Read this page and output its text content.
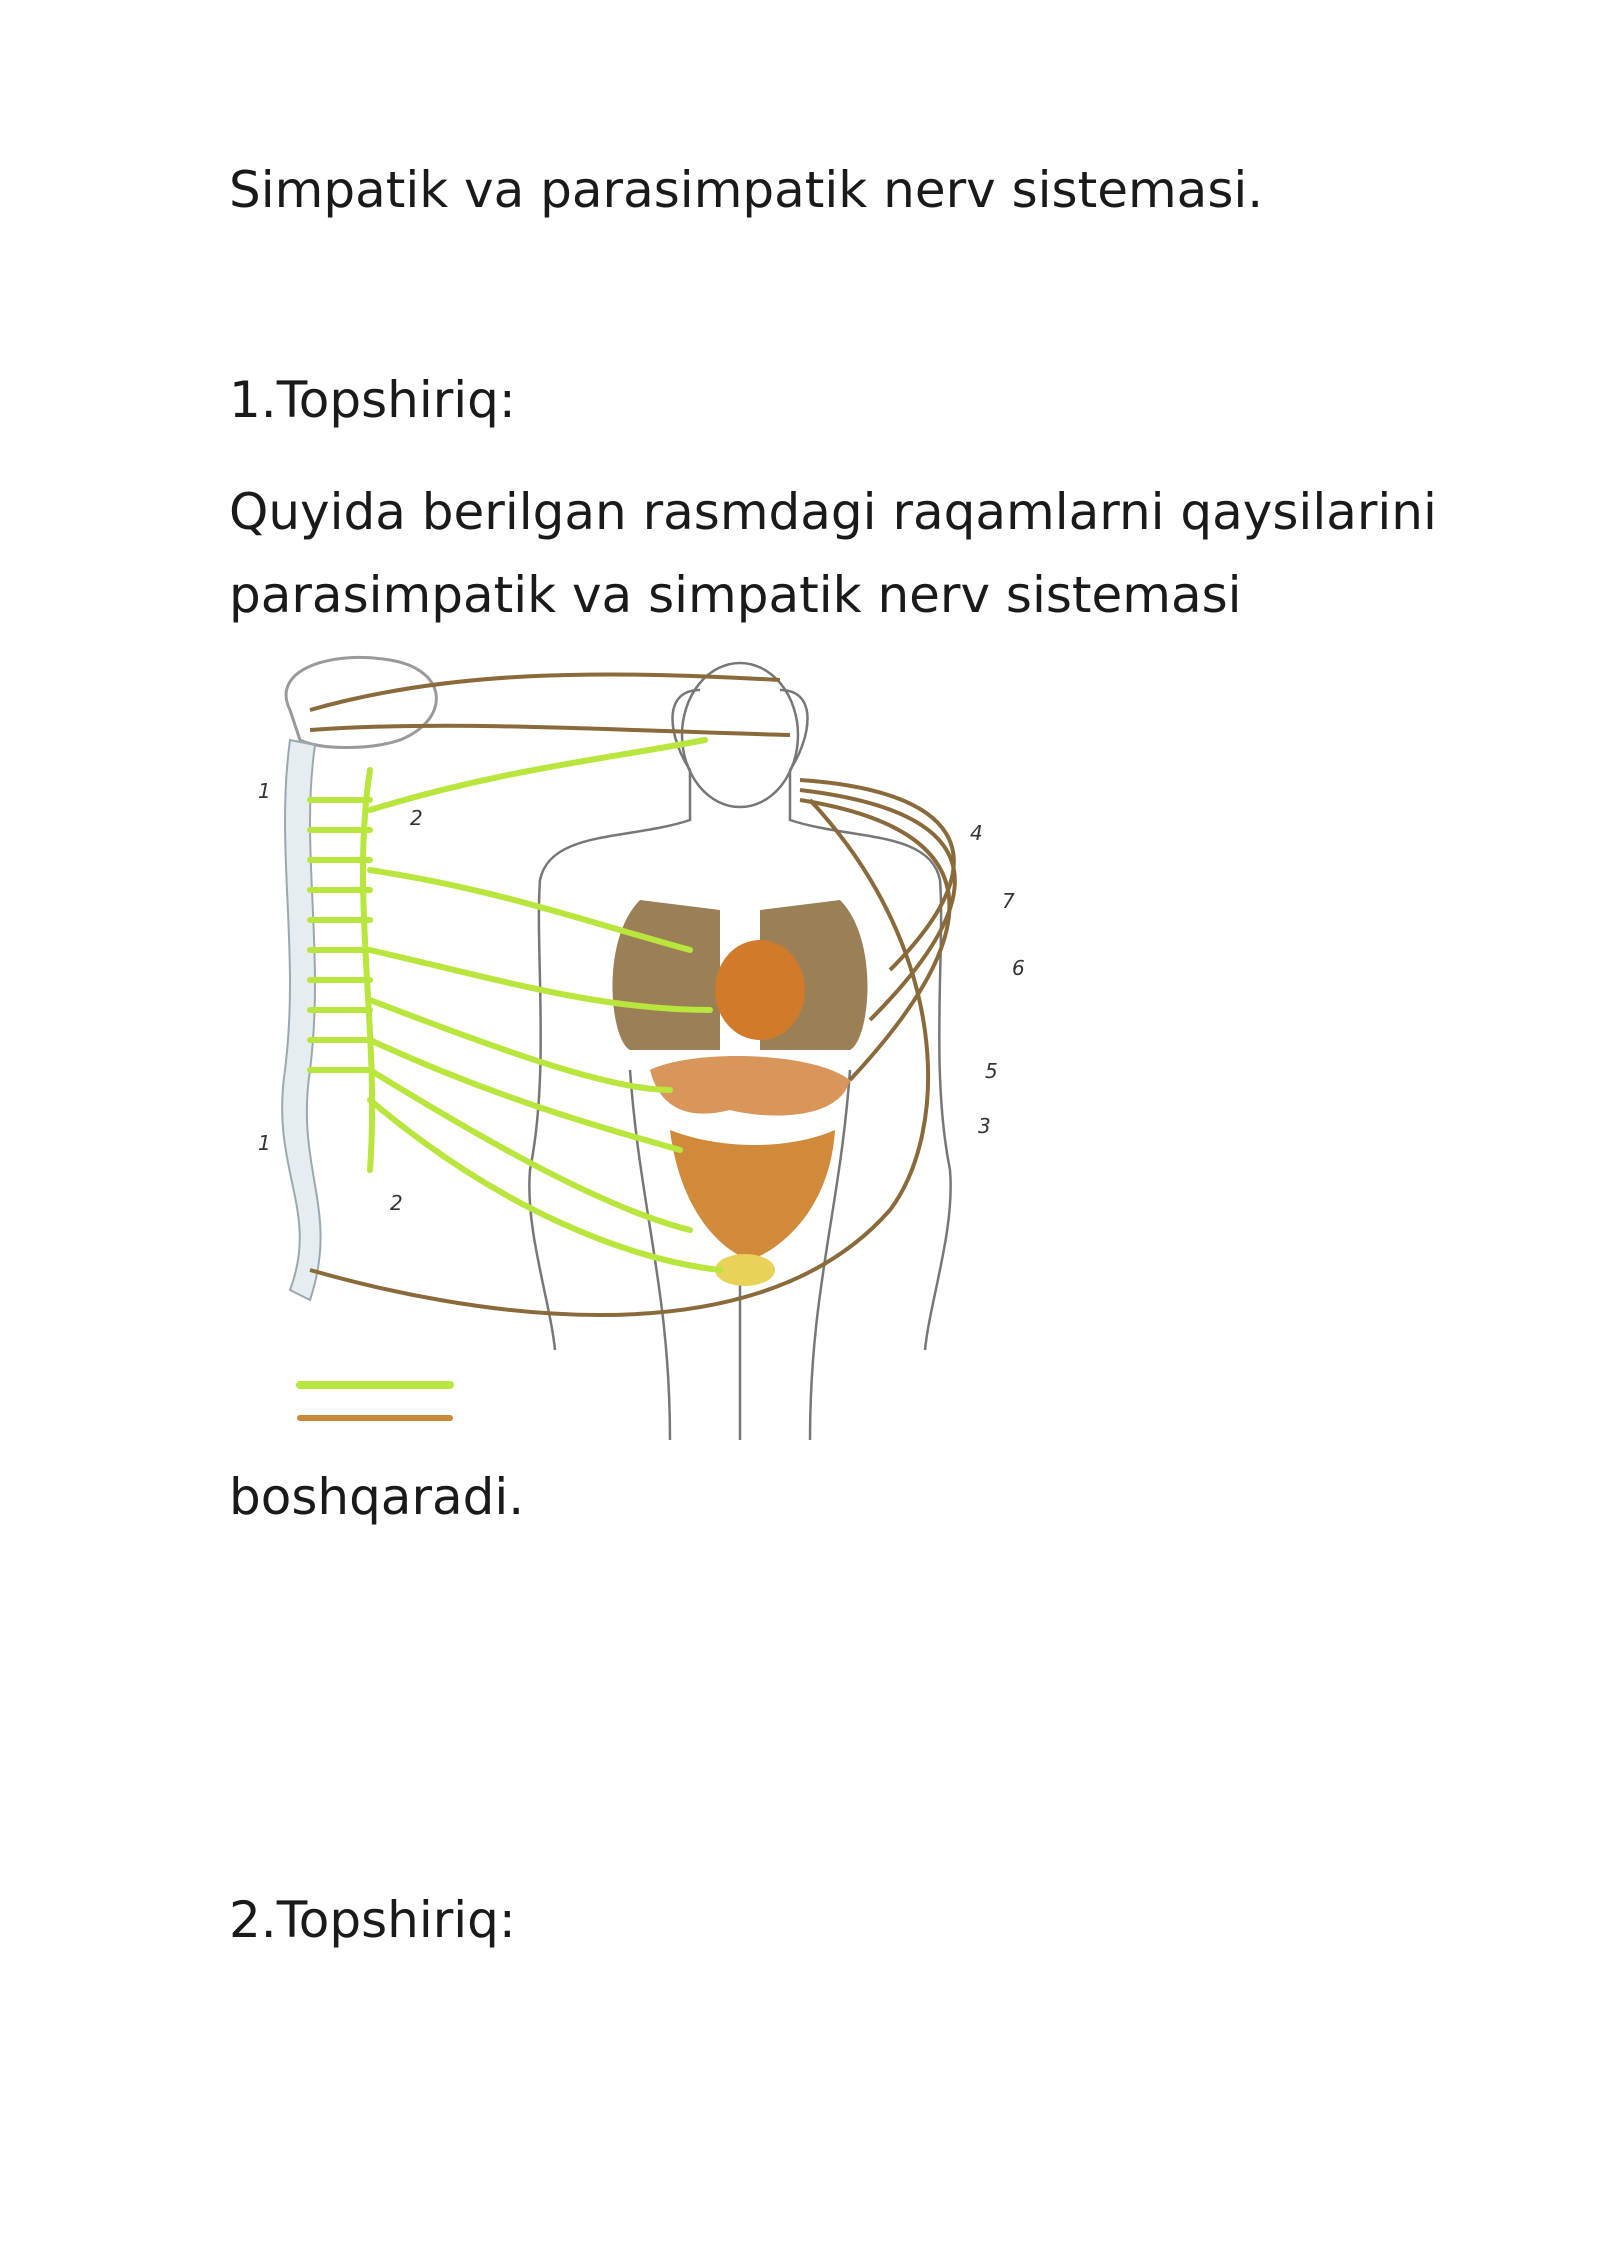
Simpatik va parasimpatik nerv sistemasi.

1.Topshiriq:

Quyida berilgan rasmdagi raqamlarni qaysilarini

parasimpatik va simpatik nerv sistemasi

1
2
4
7
6
5
3
1
2

boshqaradi.

2.Topshiriq:
